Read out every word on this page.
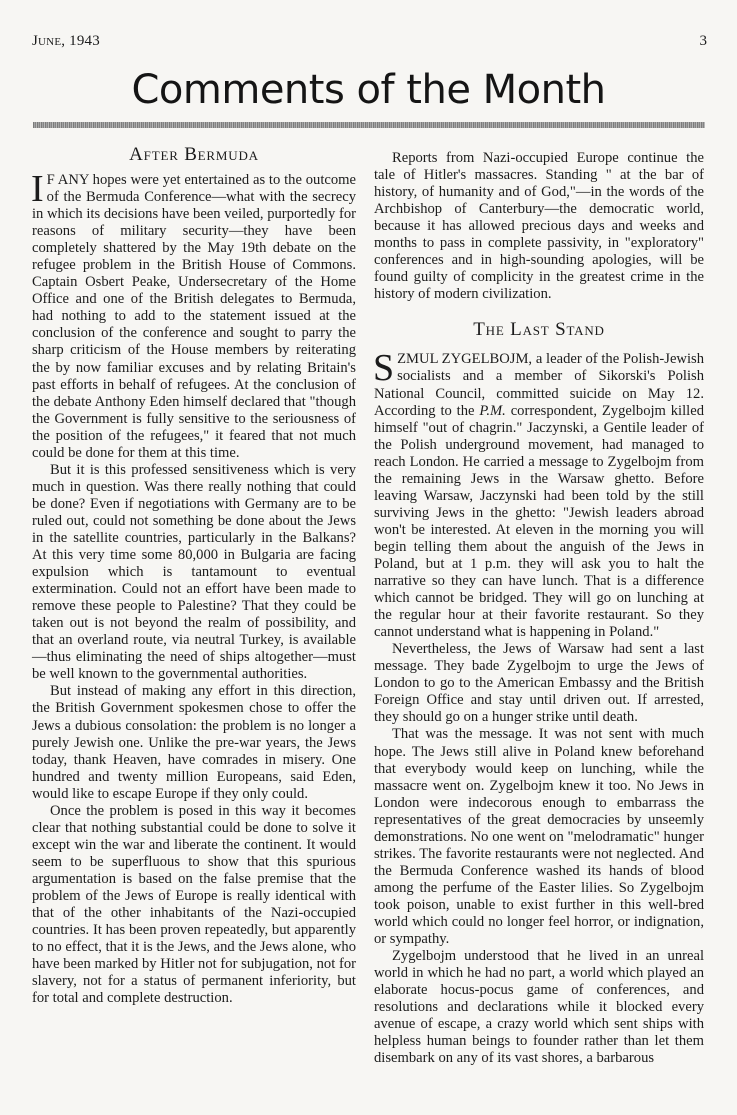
June, 1943	3
Comments of the Month
After Bermuda

I F ANY hopes were yet entertained as to the outcome of the Bermuda Conference—what with the secrecy in which its decisions have been veiled, purportedly for reasons of military security—they have been completely shattered by the May 19th debate on the refugee problem in the British House of Commons. Captain Osbert Peake, Undersecretary of the Home Office and one of the British delegates to Bermuda, had nothing to add to the statement issued at the conclusion of the conference and sought to parry the sharp criticism of the House members by reiterating the by now familiar excuses and by relating Britain's past efforts in behalf of refugees. At the conclusion of the debate Anthony Eden himself declared that "though the Government is fully sensitive to the seriousness of the position of the refugees," it feared that not much could be done for them at this time.

But it is this professed sensitiveness which is very much in question. Was there really nothing that could be done? Even if negotiations with Germany are to be ruled out, could not something be done about the Jews in the satellite countries, particularly in the Balkans? At this very time some 80,000 in Bulgaria are facing expulsion which is tantamount to eventual extermination. Could not an effort have been made to remove these people to Palestine? That they could be taken out is not beyond the realm of possibility, and that an overland route, via neutral Turkey, is available—thus eliminating the need of ships altogether—must be well known to the governmental authorities.

But instead of making any effort in this direction, the British Government spokesmen chose to offer the Jews a dubious consolation: the problem is no longer a purely Jewish one. Unlike the pre-war years, the Jews today, thank Heaven, have comrades in misery. One hundred and twenty million Europeans, said Eden, would like to escape Europe if they only could.

Once the problem is posed in this way it becomes clear that nothing substantial could be done to solve it except win the war and liberate the continent. It would seem to be superfluous to show that this spurious argumentation is based on the false premise that the problem of the Jews of Europe is really identical with that of the other inhabitants of the Nazi-occupied countries. It has been proven repeatedly, but apparently to no effect, that it is the Jews, and the Jews alone, who have been marked by Hitler not for subjugation, not for slavery, not for a status of permanent inferiority, but for total and complete destruction.

Reports from Nazi-occupied Europe continue the tale of Hitler's massacres. Standing " at the bar of history, of humanity and of God,"—in the words of the Archbishop of Canterbury—the democratic world, because it has allowed precious days and weeks and months to pass in complete passivity, in "exploratory" conferences and in high-sounding apologies, will be found guilty of complicity in the greatest crime in the history of modern civilization.

The Last Stand

SZMUL ZYGELBOJM, a leader of the Polish-Jewish socialists and a member of Sikorski's Polish National Council, committed suicide on May 12. According to the P.M. correspondent, Zygelbojm killed himself "out of chagrin." Jaczynski, a Gentile leader of the Polish underground movement, had managed to reach London. He carried a message to Zygelbojm from the remaining Jews in the Warsaw ghetto. Before leaving Warsaw, Jaczynski had been told by the still surviving Jews in the ghetto: "Jewish leaders abroad won't be interested. At eleven in the morning you will begin telling them about the anguish of the Jews in Poland, but at 1 p.m. they will ask you to halt the narrative so they can have lunch. That is a difference which cannot be bridged. They will go on lunching at the regular hour at their favorite restaurant. So they cannot understand what is happening in Poland."

Nevertheless, the Jews of Warsaw had sent a last message. They bade Zygelbojm to urge the Jews of London to go to the American Embassy and the British Foreign Office and stay until driven out. If arrested, they should go on a hunger strike until death.

That was the message. It was not sent with much hope. The Jews still alive in Poland knew beforehand that everybody would keep on lunching, while the massacre went on. Zygelbojm knew it too. No Jews in London were indecorous enough to embarrass the representatives of the great democracies by unseemly demonstrations. No one went on "melodramatic" hunger strikes. The favorite restaurants were not neglected. And the Bermuda Conference washed its hands of blood among the perfume of the Easter lilies. So Zygelbojm took poison, unable to exist further in this well-bred world which could no longer feel horror, or indignation, or sympathy.

Zygelbojm understood that he lived in an unreal world in which he had no part, a world which played an elaborate hocus-pocus game of conferences, and resolutions and declarations while it blocked every avenue of escape, a crazy world which sent ships with helpless human beings to founder rather than let them disembark on any of its vast shores, a barbarous
